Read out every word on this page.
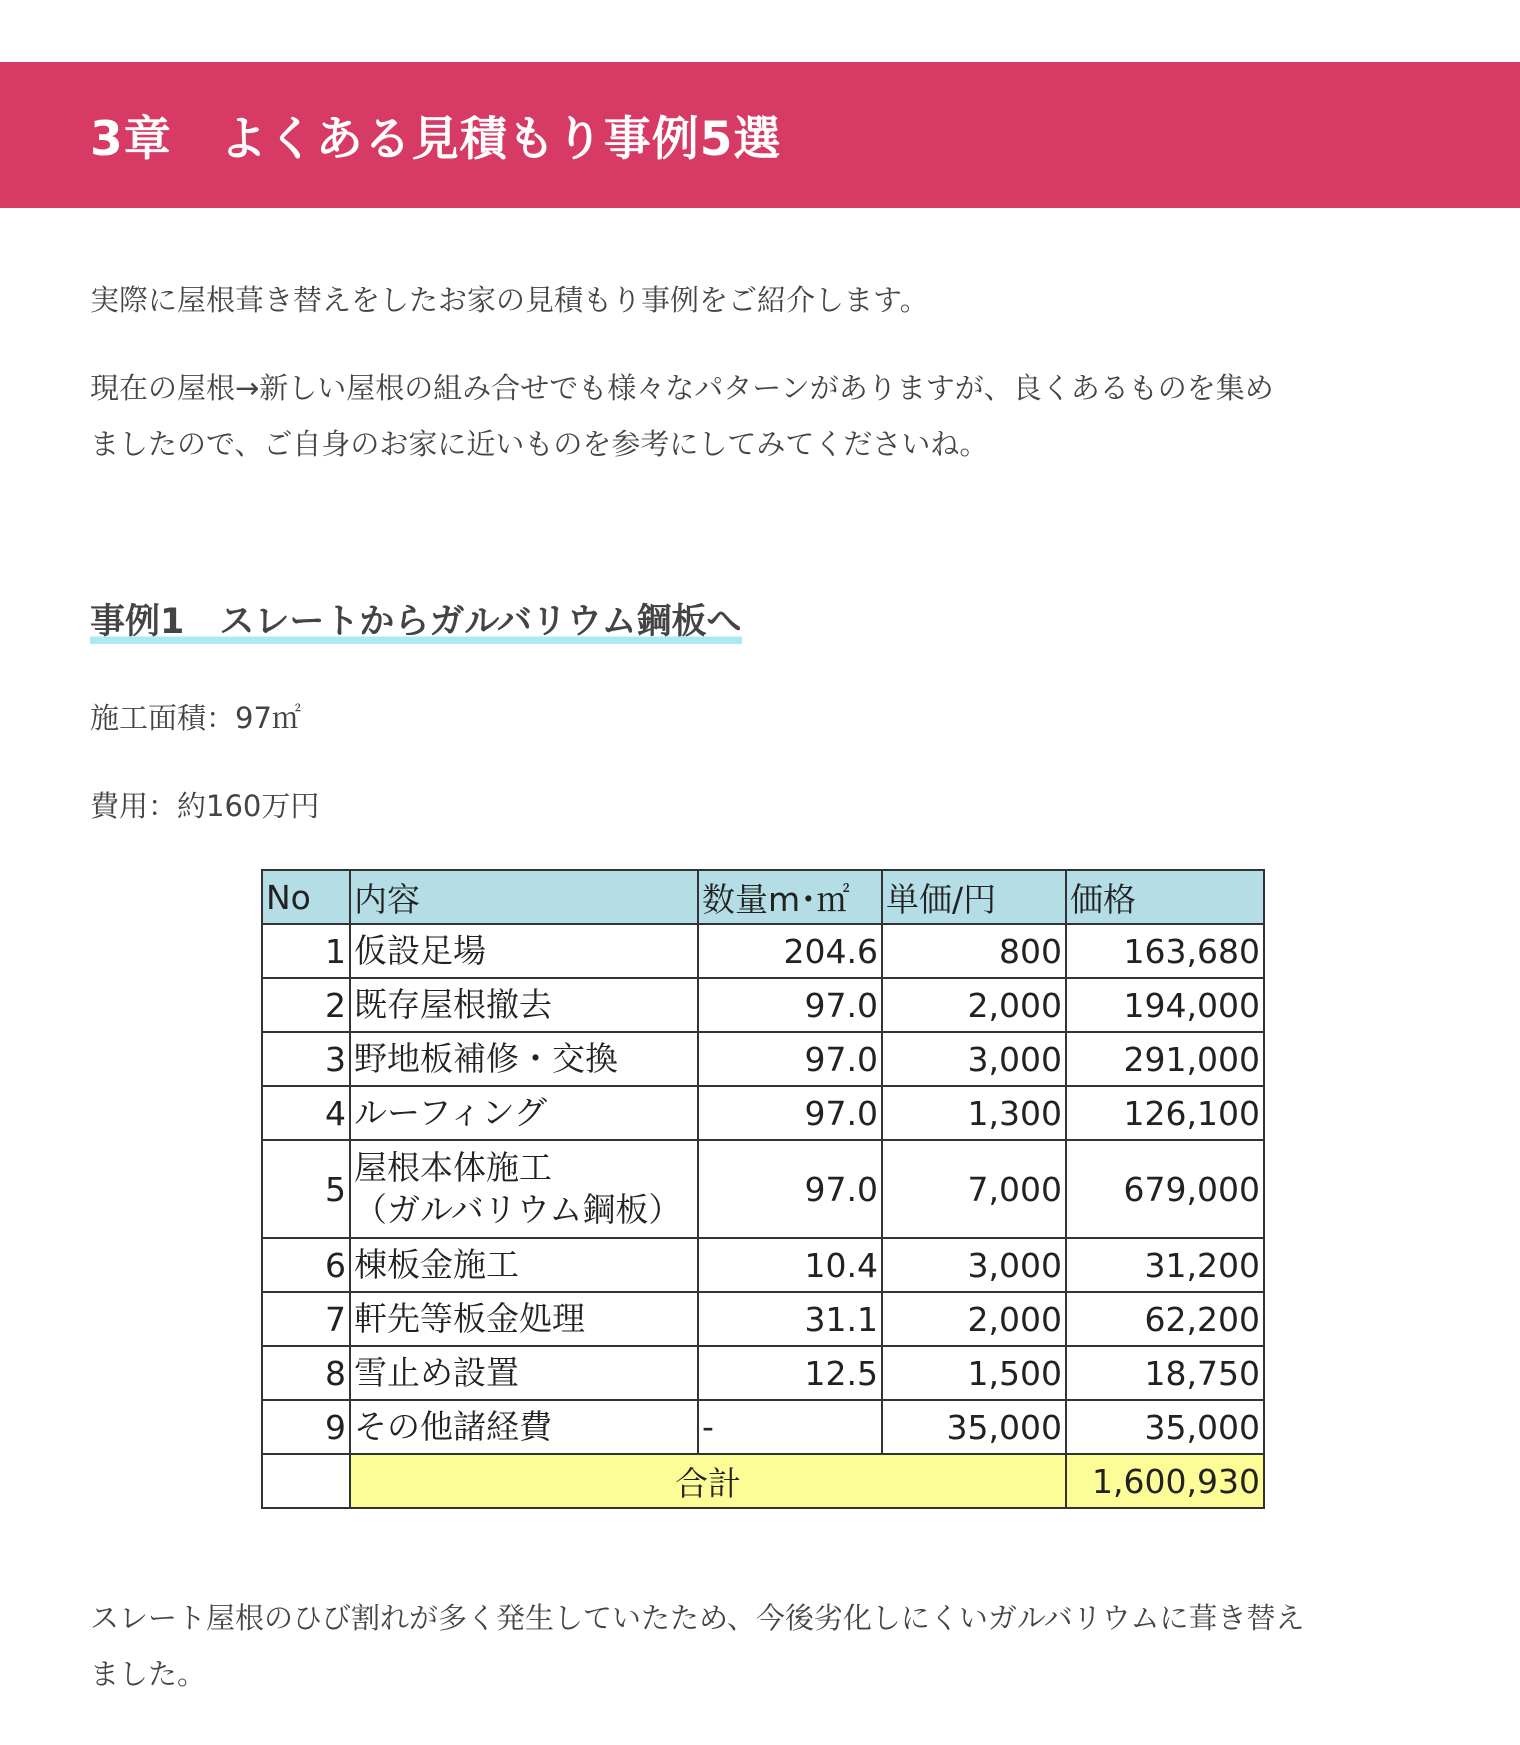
3章　よくある見積もり事例5選

実際に屋根葺き替えをしたお家の見積もり事例をご紹介します。

現在の屋根→新しい屋根の組み合せでも様々なパターンがありますが、良くあるものを集め
ましたので、ご自身のお家に近いものを参考にしてみてくださいね。

事例1　スレートからガルバリウム鋼板へ

施工面積：97㎡

費用：約160万円

No	内容	数量m･㎡	単価/円	価格
1	仮設足場	204.6	800	163,680
2	既存屋根撤去	97.0	2,000	194,000
3	野地板補修・交換	97.0	3,000	291,000
4	ルーフィング	97.0	1,300	126,100
5	屋根本体施工
（ガルバリウム鋼板）	97.0	7,000	679,000
6	棟板金施工	10.4	3,000	31,200
7	軒先等板金処理	31.1	2,000	62,200
8	雪止め設置	12.5	1,500	18,750
9	その他諸経費	-	35,000	35,000
	合計			1,600,930

スレート屋根のひび割れが多く発生していたため、今後劣化しにくいガルバリウムに葺き替え
ました。
